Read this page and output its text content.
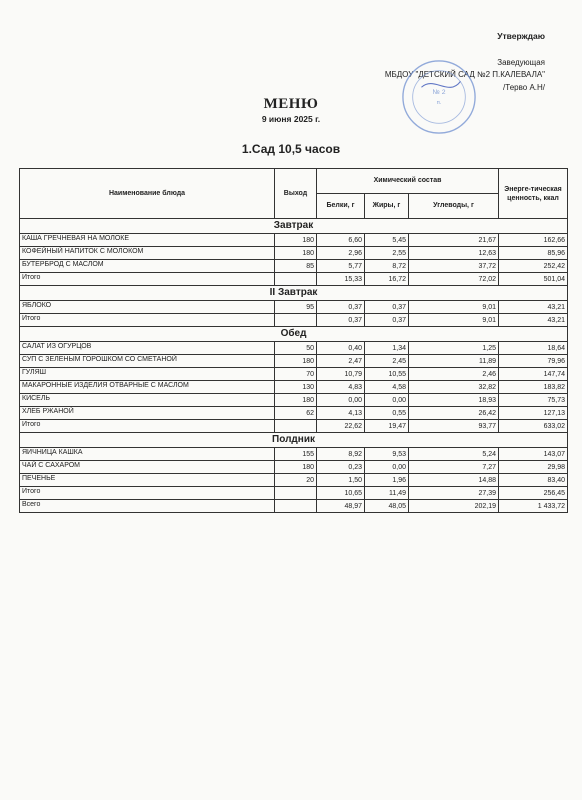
Утверждаю
Заведующая
МБДОУ "ДЕТСКИЙ САД №2 П.КАЛЕВАЛА"
/Терво А.Н/
№ 2
п.
МЕНЮ
9 июня 2025 г.
1.Сад 10,5 часов
Наименование блюда	Выход	Химический состав			Энерге-тическая ценность, ккал
		Белки, г	Жиры, г	Углеводы, г	
Завтрак					
КАША ГРЕЧНЕВАЯ НА МОЛОКЕ	180	6,60	5,45	21,67	162,66
КОФЕЙНЫЙ НАПИТОК С МОЛОКОМ	180	2,96	2,55	12,63	85,96
БУТЕРБРОД С МАСЛОМ	85	5,77	8,72	37,72	252,42
Итого		15,33	16,72	72,02	501,04
II Завтрак					
ЯБЛОКО	95	0,37	0,37	9,01	43,21
Итого		0,37	0,37	9,01	43,21
Обед					
САЛАТ ИЗ ОГУРЦОВ	50	0,40	1,34	1,25	18,64
СУП С ЗЕЛЕНЫМ ГОРОШКОМ СО СМЕТАНОЙ	180	2,47	2,45	11,89	79,96
ГУЛЯШ	70	10,79	10,55	2,46	147,74
МАКАРОННЫЕ ИЗДЕЛИЯ ОТВАРНЫЕ С МАСЛОМ	130	4,83	4,58	32,82	183,82
КИСЕЛЬ	180	0,00	0,00	18,93	75,73
ХЛЕБ РЖАНОЙ	62	4,13	0,55	26,42	127,13
Итого		22,62	19,47	93,77	633,02
Полдник					
ЯИЧНИЦА КАШКА	155	8,92	9,53	5,24	143,07
ЧАЙ С САХАРОМ	180	0,23	0,00	7,27	29,98
ПЕЧЕНЬЕ	20	1,50	1,96	14,88	83,40
Итого		10,65	11,49	27,39	256,45
Всего		48,97	48,05	202,19	1 433,72
